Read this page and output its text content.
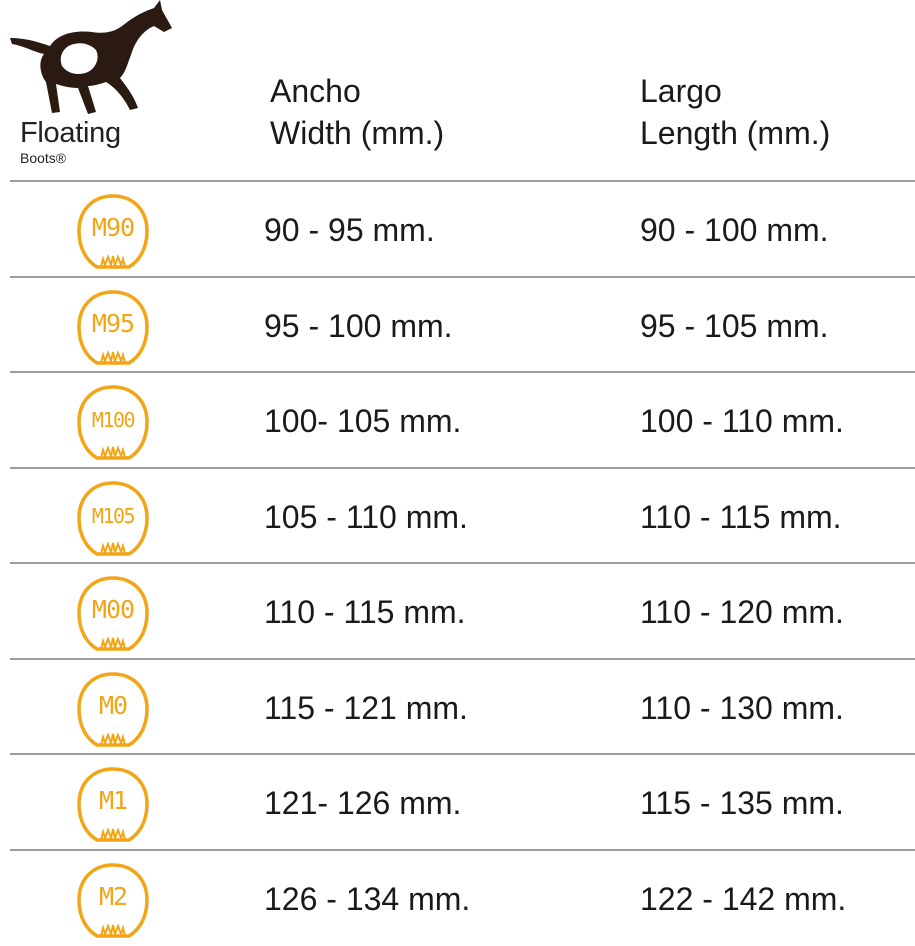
Floating
Boots®
Ancho
Width (mm.)
Largo
Length (mm.)
M90	90 - 95 mm.	90 - 100 mm.
M95	95 - 100 mm.	95 - 105 mm.
M100	100- 105 mm.	100 - 110 mm.
M105	105 - 110 mm.	110 - 115 mm.
M00	110 - 115 mm.	110 - 120 mm.
M0	115 - 121 mm.	110 - 130 mm.
M1	121- 126 mm.	115 - 135 mm.
M2	126 - 134 mm.	122 - 142 mm.
